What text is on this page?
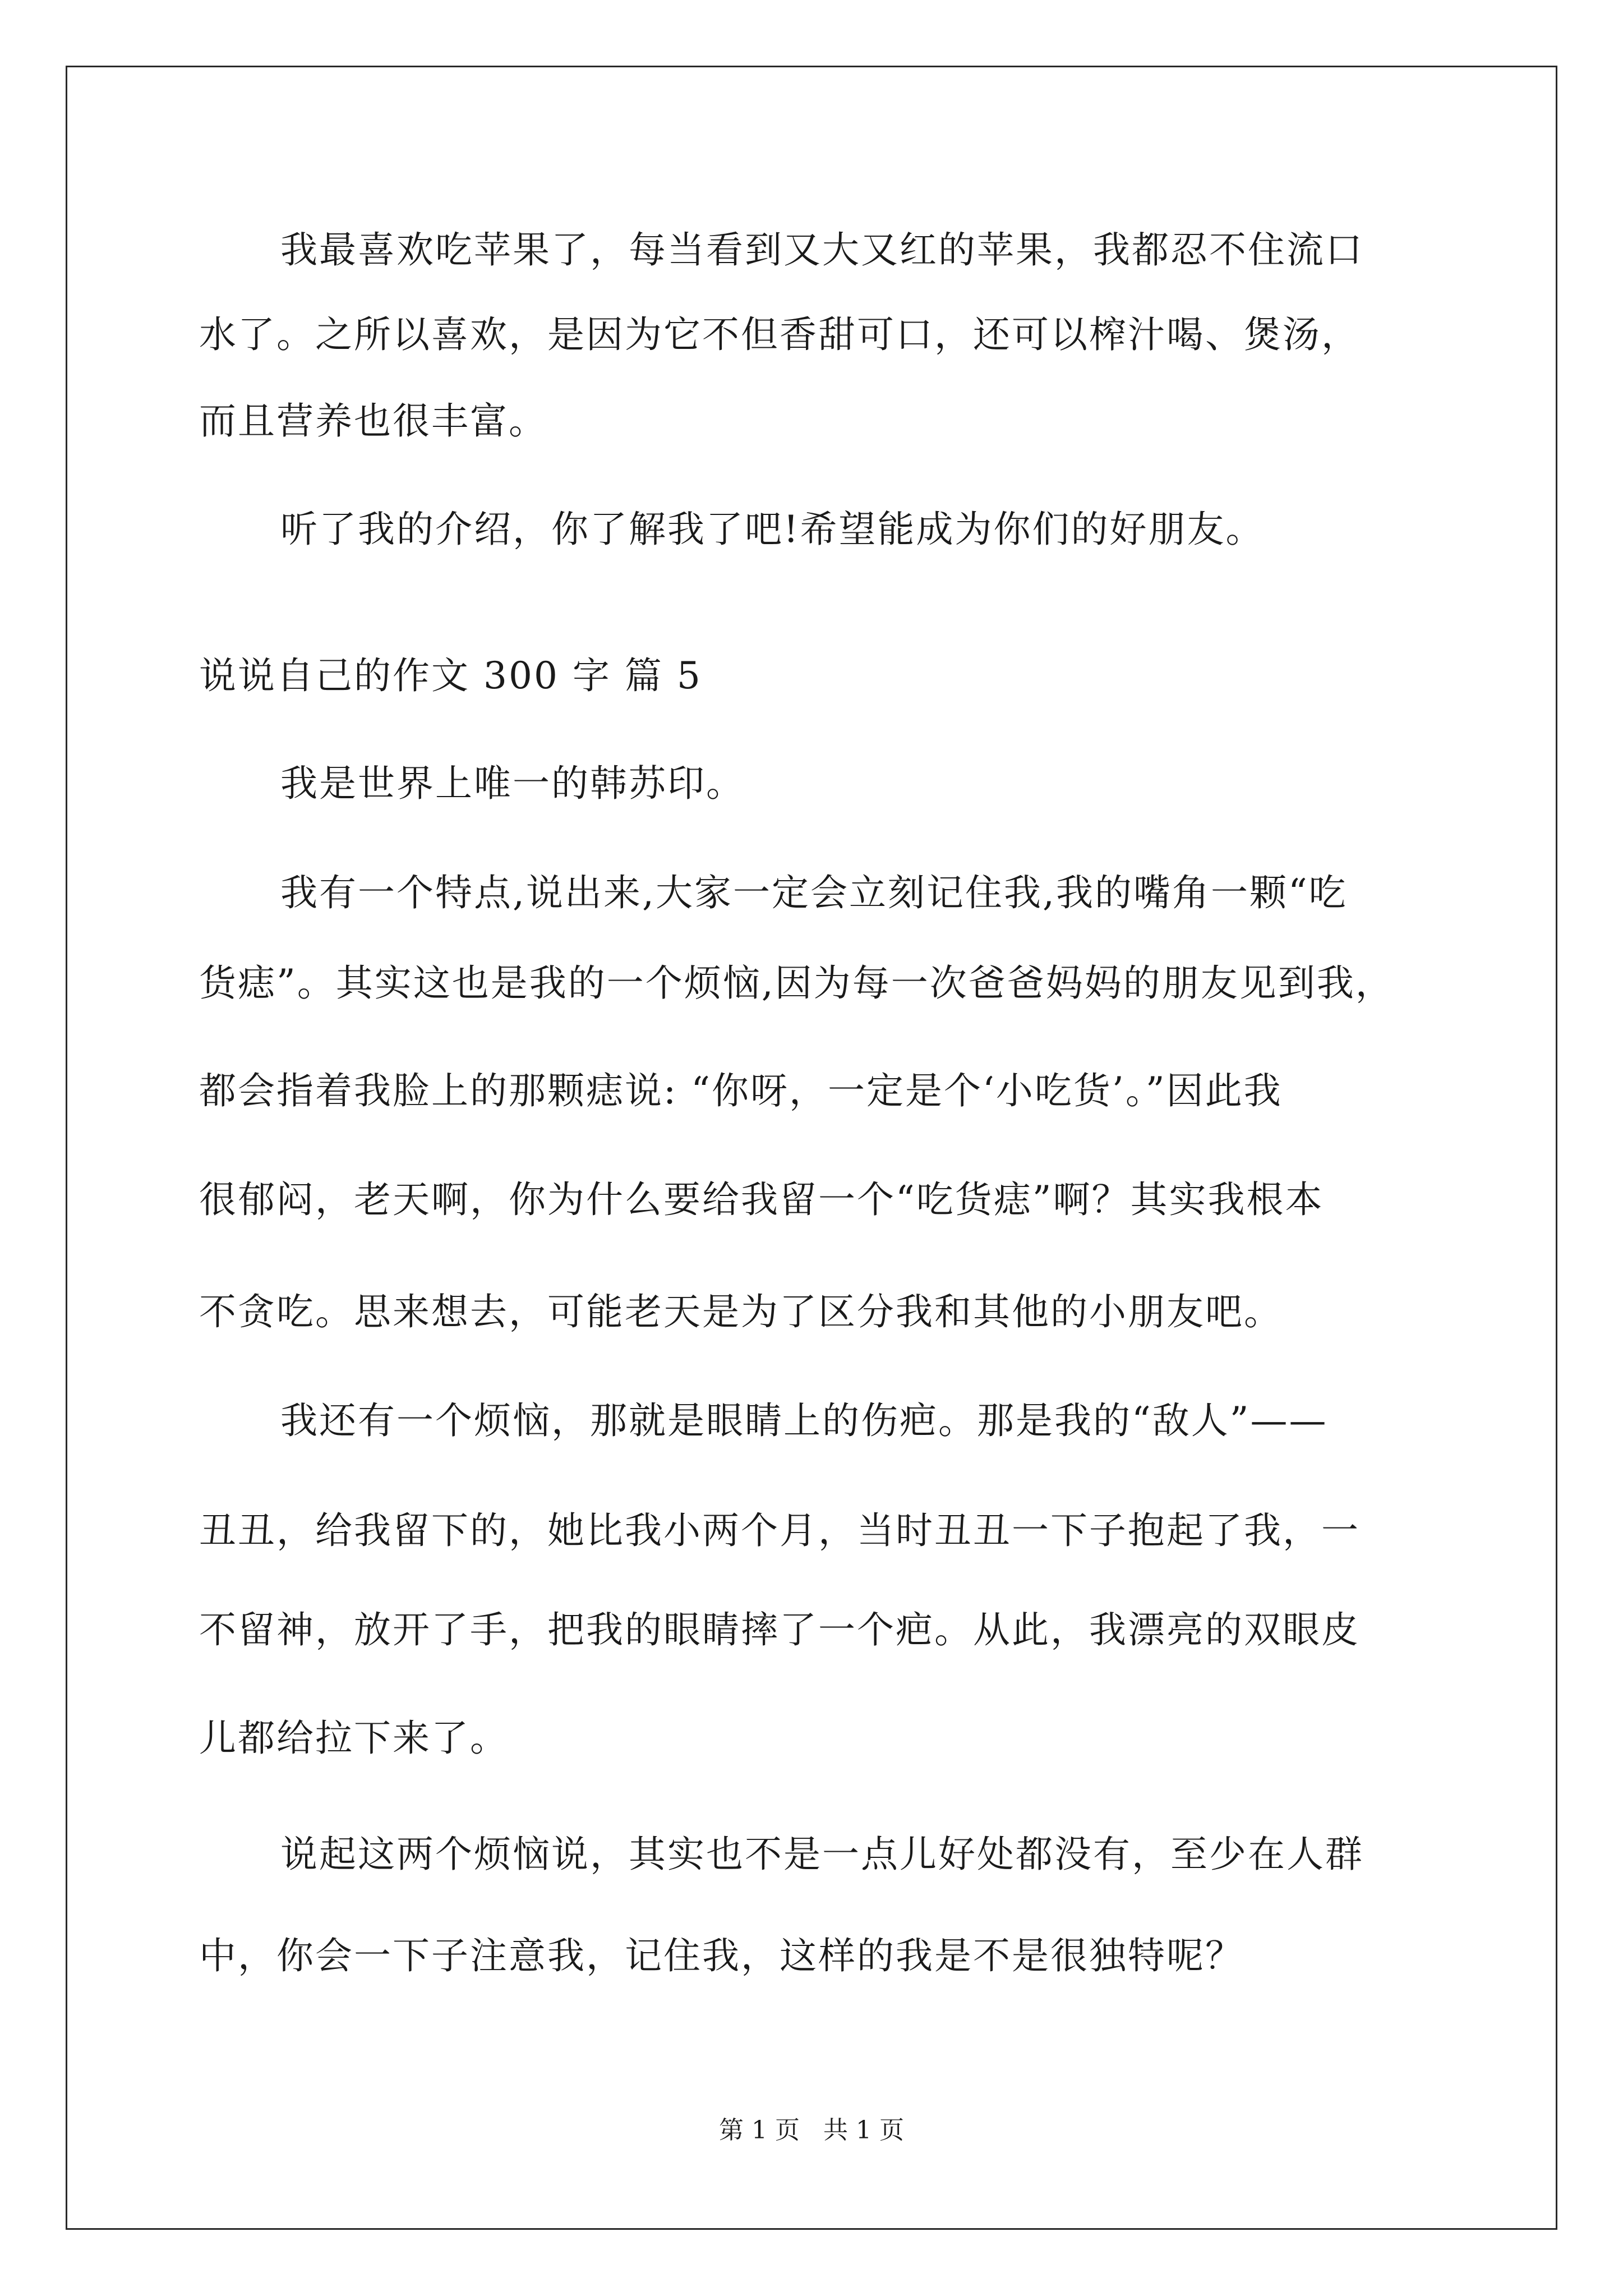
我最喜欢吃苹果了，每当看到又大又红的苹果，我都忍不住流口
水了。之所以喜欢，是因为它不但香甜可口，还可以榨汁喝、煲汤，
而且营养也很丰富。
听了我的介绍，你了解我了吧!希望能成为你们的好朋友。
说说自己的作文 300 字 篇 5
我是世界上唯一的韩苏印。
我有一个特点,说出来,大家一定会立刻记住我,我的嘴角一颗“吃
货痣”。其实这也是我的一个烦恼,因为每一次爸爸妈妈的朋友见到我，
都会指着我脸上的那颗痣说: “你呀，一定是个‘小吃货’。”因此我
很郁闷，老天啊，你为什么要给我留一个“吃货痣”啊？其实我根本
不贪吃。思来想去，可能老天是为了区分我和其他的小朋友吧。
我还有一个烦恼，那就是眼睛上的伤疤。那是我的“敌人”——
丑丑，给我留下的，她比我小两个月，当时丑丑一下子抱起了我，一
不留神，放开了手，把我的眼睛摔了一个疤。从此，我漂亮的双眼皮
儿都给拉下来了。
说起这两个烦恼说，其实也不是一点儿好处都没有，至少在人群
中，你会一下子注意我，记住我，这样的我是不是很独特呢？
第 1 页   共 1 页
